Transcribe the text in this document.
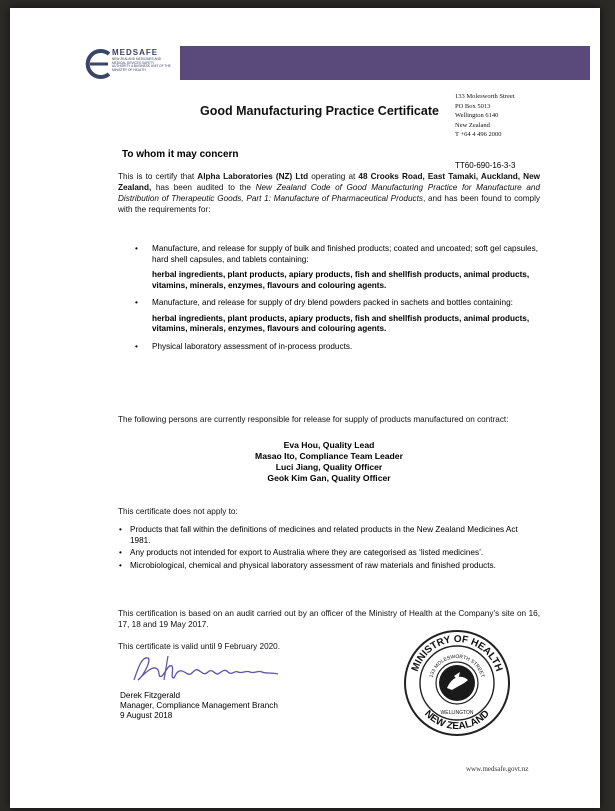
MEDSAFE
NEW ZEALAND MEDICINES AND MEDICAL DEVICES SAFETY AUTHORITY A BUSINESS UNIT OF THE MINISTRY OF HEALTH
Good Manufacturing Practice Certificate
133 Molesworth Street
PO Box 5013
Wellington 6140
New Zealand
T +64 4 496 2000
To whom it may concern
TT60-690-16-3-3
This is to certify that Alpha Laboratories (NZ) Ltd operating at 48 Crooks Road, East Tamaki, Auckland, New Zealand, has been audited to the New Zealand Code of Good Manufacturing Practice for Manufacture and Distribution of Therapeutic Goods, Part 1: Manufacture of Pharmaceutical Products, and has been found to comply with the requirements for:
• Manufacture, and release for supply of bulk and finished products; coated and uncoated; soft gel capsules, hard shell capsules, and tablets containing:
herbal ingredients, plant products, apiary products, fish and shellfish products, animal products, vitamins, minerals, enzymes, flavours and colouring agents.
• Manufacture, and release for supply of dry blend powders packed in sachets and bottles containing:
herbal ingredients, plant products, apiary products, fish and shellfish products, animal products, vitamins, minerals, enzymes, flavours and colouring agents.
• Physical laboratory assessment of in-process products.
The following persons are currently responsible for release for supply of products manufactured on contract:
Eva Hou, Quality Lead
Masao Ito, Compliance Team Leader
Luci Jiang, Quality Officer
Geok Kim Gan, Quality Officer
This certificate does not apply to:
• Products that fall within the definitions of medicines and related products in the New Zealand Medicines Act 1981.
• Any products not intended for export to Australia where they are categorised as ‘listed medicines’.
• Microbiological, chemical and physical laboratory assessment of raw materials and finished products.
This certification is based on an audit carried out by an officer of the Ministry of Health at the Company’s site on 16, 17, 18 and 19 May 2017.
This certificate is valid until 9 February 2020.
Derek Fitzgerald
Manager, Compliance Management Branch
9 August 2018
MINISTRY OF HEALTH
NEW ZEALAND
133 MOLESWORTH STREET
WELLINGTON
www.medsafe.govt.nz
